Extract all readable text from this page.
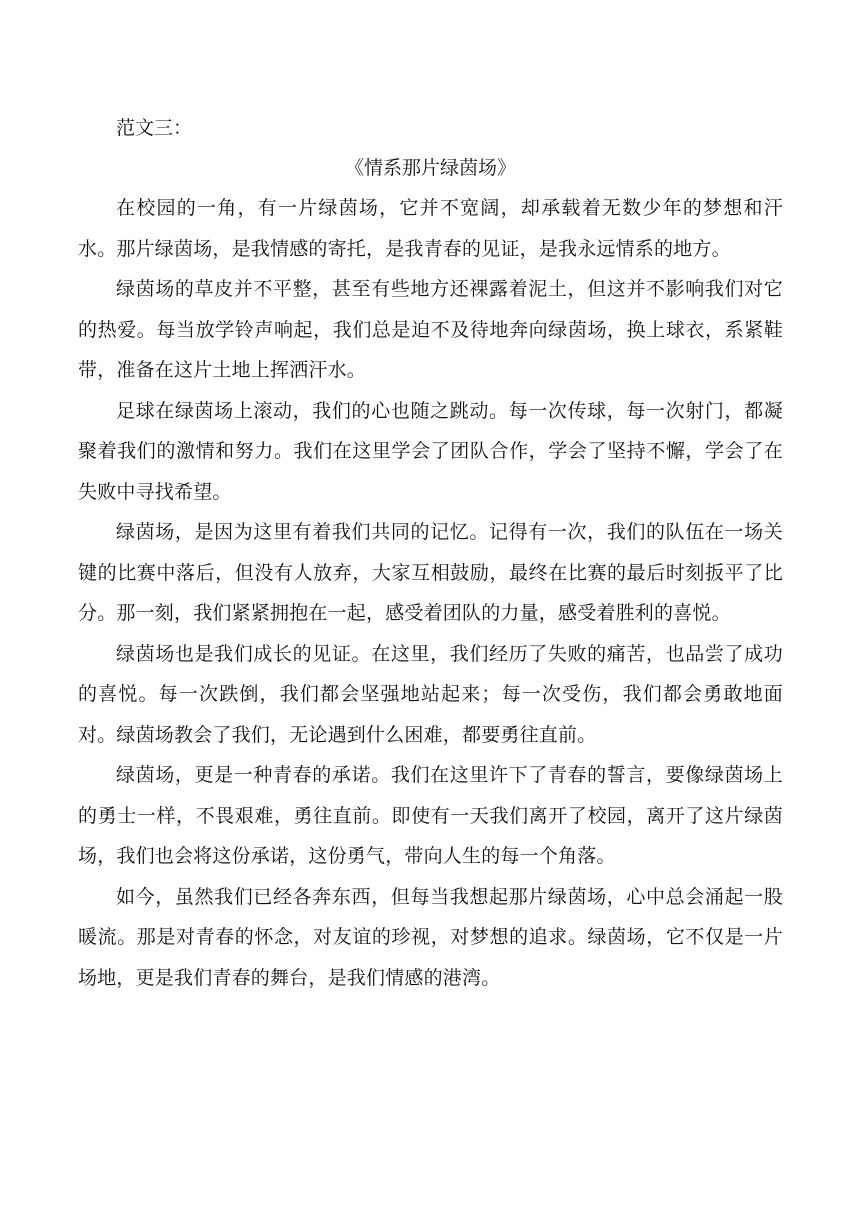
范文三：

《情系那片绿茵场》

在校园的一角，有一片绿茵场，它并不宽阔，却承载着无数少年的梦想和汗水。那片绿茵场，是我情感的寄托，是我青春的见证，是我永远情系的地方。

绿茵场的草皮并不平整，甚至有些地方还裸露着泥土，但这并不影响我们对它的热爱。每当放学铃声响起，我们总是迫不及待地奔向绿茵场，换上球衣，系紧鞋带，准备在这片土地上挥洒汗水。

足球在绿茵场上滚动，我们的心也随之跳动。每一次传球，每一次射门，都凝聚着我们的激情和努力。我们在这里学会了团队合作，学会了坚持不懈，学会了在失败中寻找希望。

绿茵场，是因为这里有着我们共同的记忆。记得有一次，我们的队伍在一场关键的比赛中落后，但没有人放弃，大家互相鼓励，最终在比赛的最后时刻扳平了比分。那一刻，我们紧紧拥抱在一起，感受着团队的力量，感受着胜利的喜悦。

绿茵场也是我们成长的见证。在这里，我们经历了失败的痛苦，也品尝了成功的喜悦。每一次跌倒，我们都会坚强地站起来；每一次受伤，我们都会勇敢地面对。绿茵场教会了我们，无论遇到什么困难，都要勇往直前。

绿茵场，更是一种青春的承诺。我们在这里许下了青春的誓言，要像绿茵场上的勇士一样，不畏艰难，勇往直前。即使有一天我们离开了校园，离开了这片绿茵场，我们也会将这份承诺，这份勇气，带向人生的每一个角落。

如今，虽然我们已经各奔东西，但每当我想起那片绿茵场，心中总会涌起一股暖流。那是对青春的怀念，对友谊的珍视，对梦想的追求。绿茵场，它不仅是一片场地，更是我们青春的舞台，是我们情感的港湾。
